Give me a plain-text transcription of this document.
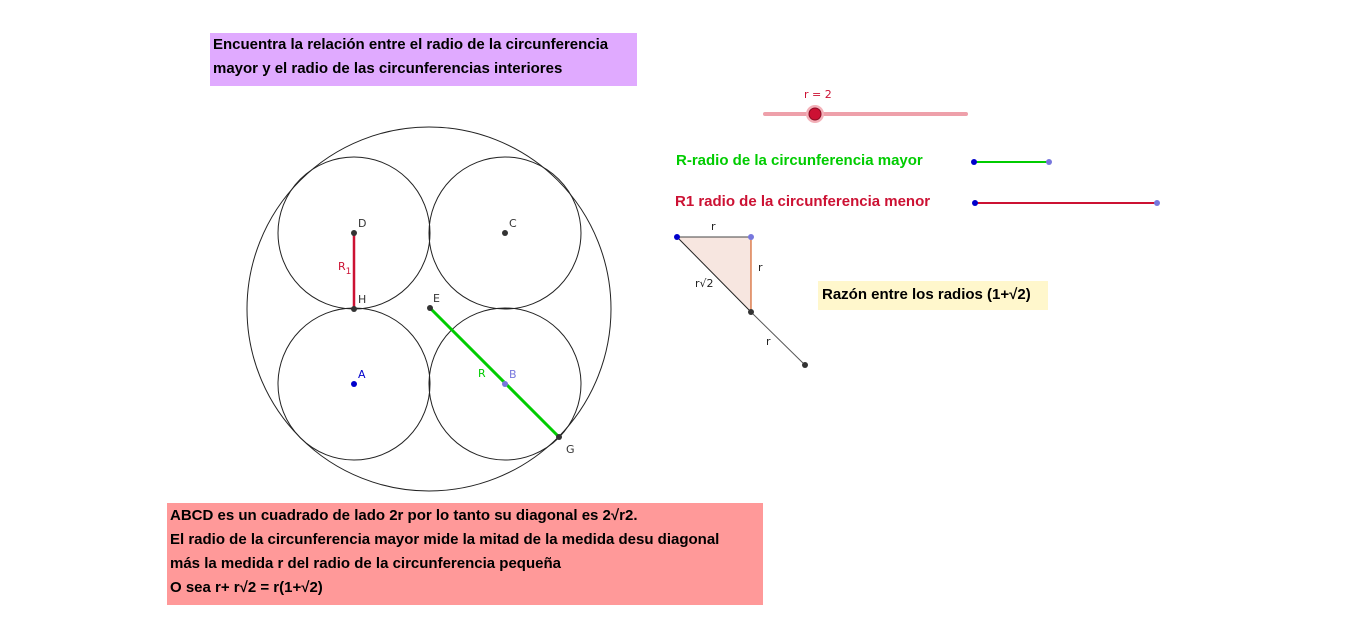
D	C
H	E
A	B
G
$R_1$
R
r = 2
r
r
r√2
r
Encuentra la relación entre el radio de la circunferencia
mayor y el radio de las circunferencias interiores
R-radio de la circunferencia mayor
R1 radio de la circunferencia menor
Razón entre los radios (1+√2)
ABCD es un cuadrado de lado 2r por lo tanto su diagonal es 2√r2.
El radio de la circunferencia mayor mide la mitad de la medida desu diagonal
más la medida r del radio de la circunferencia pequeña
O sea r+ r√2 = r(1+√2)
